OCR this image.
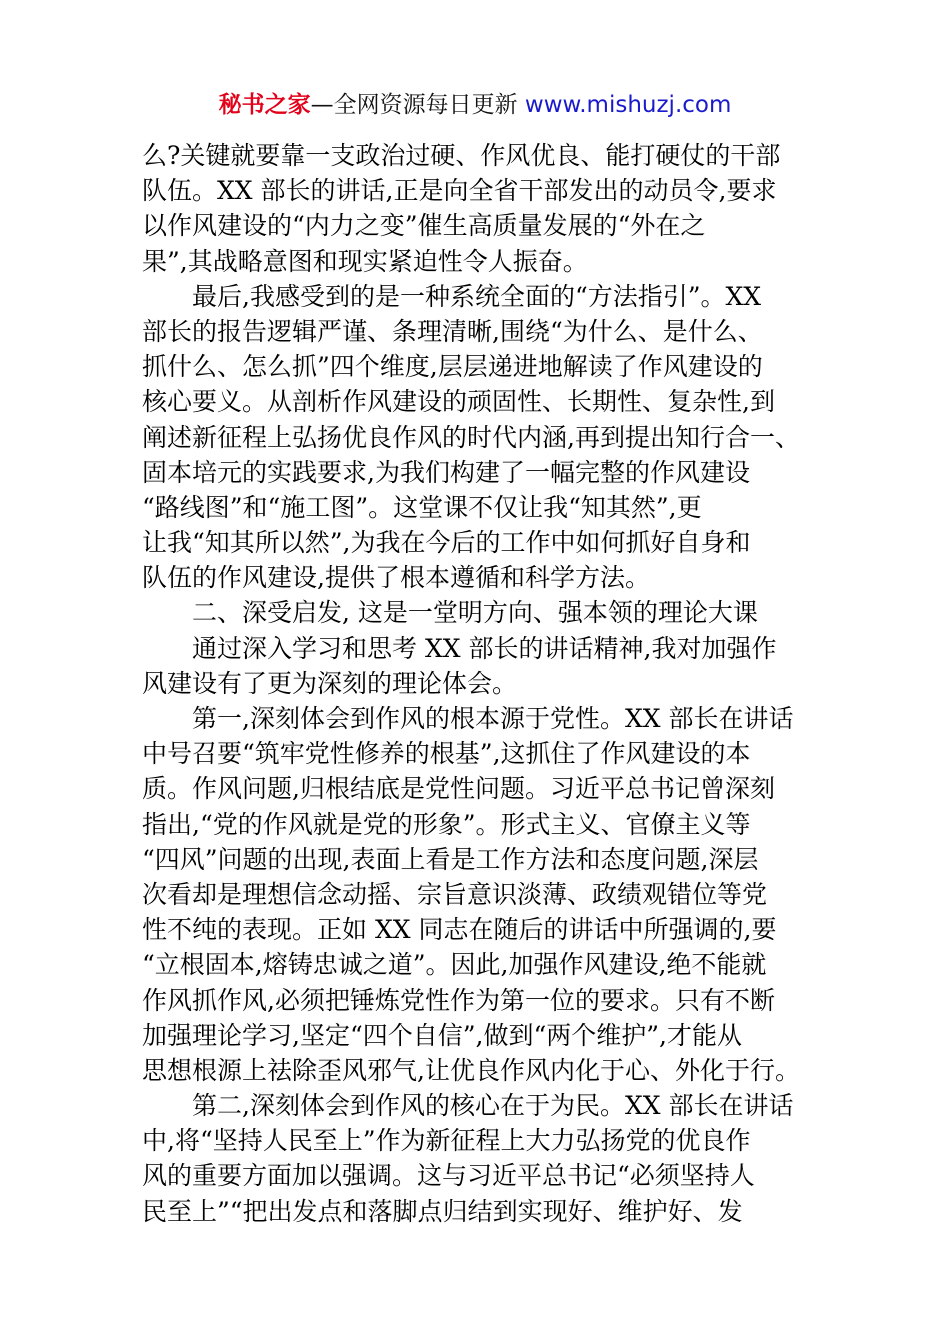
秘书之家—全网资源每日更新 www.mishuzj.com
么?关键就要靠一支政治过硬、作风优良、能打硬仗的干部
队伍。XX 部长的讲话,正是向全省干部发出的动员令,要求
以作风建设的“内力之变”催生高质量发展的“外在之
果”,其战略意图和现实紧迫性令人振奋。
　　最后,我感受到的是一种系统全面的“方法指引”。XX
部长的报告逻辑严谨、条理清晰,围绕“为什么、是什么、
抓什么、怎么抓”四个维度,层层递进地解读了作风建设的
核心要义。从剖析作风建设的顽固性、长期性、复杂性,到
阐述新征程上弘扬优良作风的时代内涵,再到提出知行合一、
固本培元的实践要求,为我们构建了一幅完整的作风建设
“路线图”和“施工图”。这堂课不仅让我“知其然”,更
让我“知其所以然”,为我在今后的工作中如何抓好自身和
队伍的作风建设,提供了根本遵循和科学方法。
　　二、深受启发, 这是一堂明方向、强本领的理论大课
　　通过深入学习和思考 XX 部长的讲话精神,我对加强作
风建设有了更为深刻的理论体会。
　　第一,深刻体会到作风的根本源于党性。XX 部长在讲话
中号召要“筑牢党性修养的根基”,这抓住了作风建设的本
质。作风问题,归根结底是党性问题。习近平总书记曾深刻
指出,“党的作风就是党的形象”。形式主义、官僚主义等
“四风”问题的出现,表面上看是工作方法和态度问题,深层
次看却是理想信念动摇、宗旨意识淡薄、政绩观错位等党
性不纯的表现。正如 XX 同志在随后的讲话中所强调的,要
“立根固本,熔铸忠诚之道”。因此,加强作风建设,绝不能就
作风抓作风,必须把锤炼党性作为第一位的要求。只有不断
加强理论学习,坚定“四个自信”,做到“两个维护”,才能从
思想根源上祛除歪风邪气,让优良作风内化于心、外化于行。
　　第二,深刻体会到作风的核心在于为民。XX 部长在讲话
中,将“坚持人民至上”作为新征程上大力弘扬党的优良作
风的重要方面加以强调。这与习近平总书记“必须坚持人
民至上”“把出发点和落脚点归结到实现好、维护好、发
